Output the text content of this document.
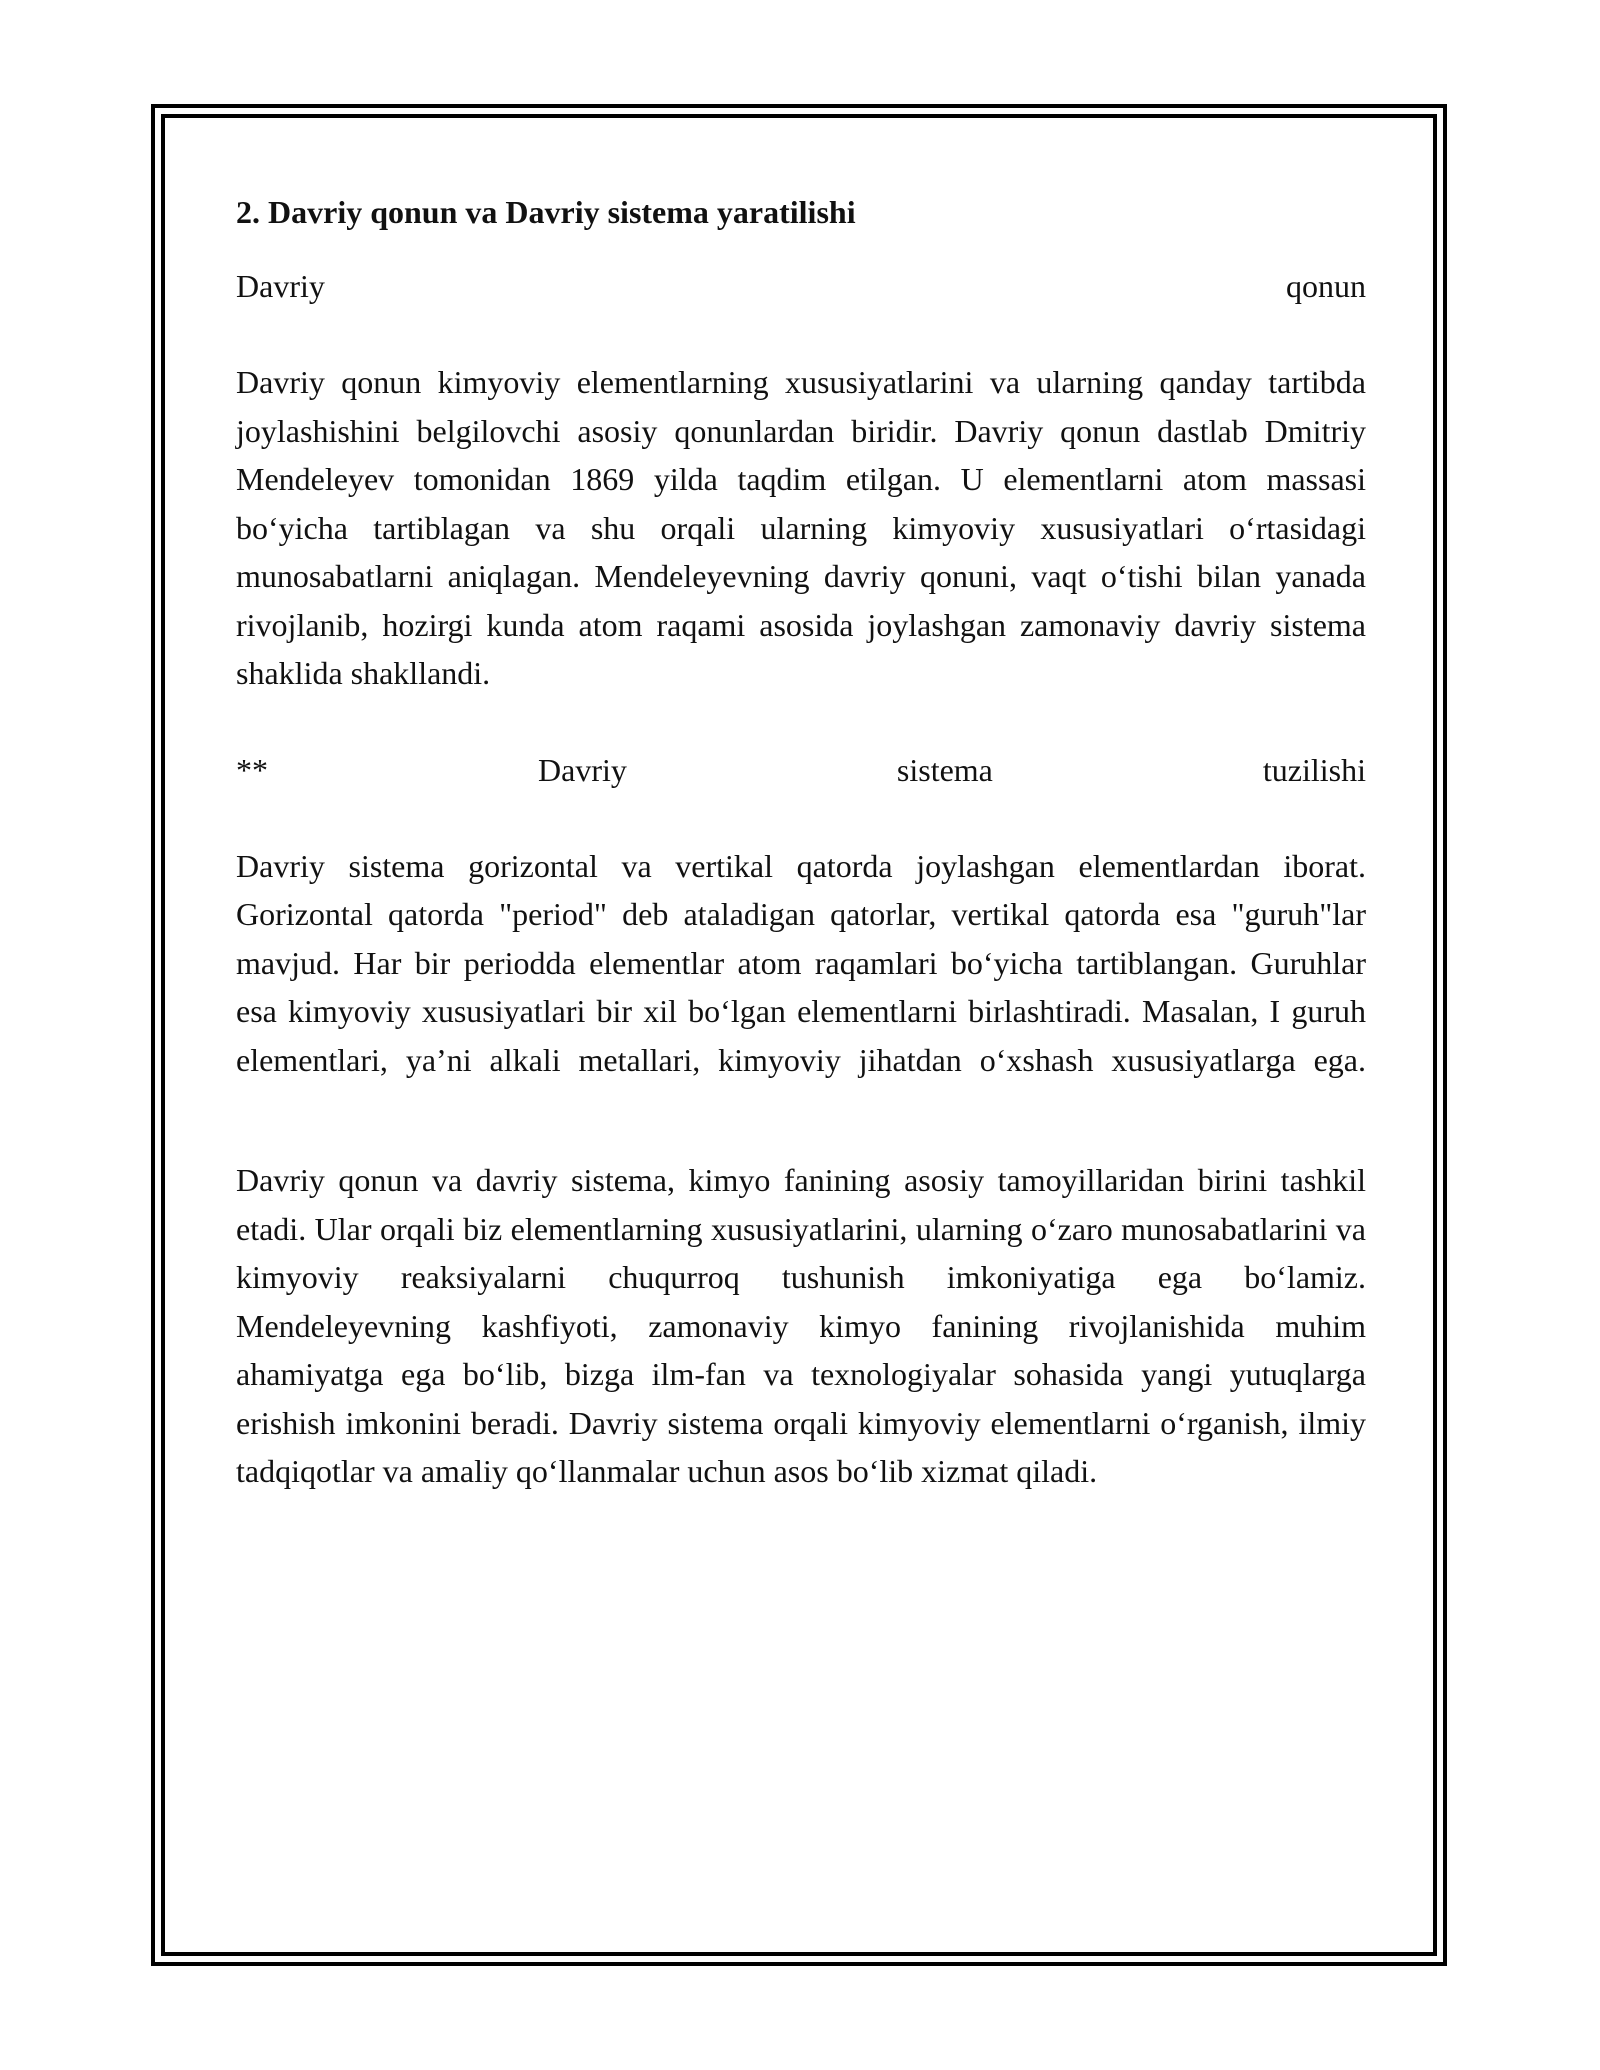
2. Davriy qonun va Davriy sistema yaratilishi
Davriy	qonun

Davriy qonun kimyoviy elementlarning xususiyatlarini va ularning qanday tartibda joylashishini belgilovchi asosiy qonunlardan biridir. Davriy qonun dastlab Dmitriy Mendeleyev tomonidan 1869 yilda taqdim etilgan. U elementlarni atom massasi bo‘yicha tartiblagan va shu orqali ularning kimyoviy xususiyatlari o‘rtasidagi munosabatlarni aniqlagan. Mendeleyevning davriy qonuni, vaqt o‘tishi bilan yanada rivojlanib, hozirgi kunda atom raqami asosida joylashgan zamonaviy davriy sistema shaklida shakllandi.

**	Davriy	sistema	tuzilishi

Davriy sistema gorizontal va vertikal qatorda joylashgan elementlardan iborat. Gorizontal qatorda "period" deb ataladigan qatorlar, vertikal qatorda esa "guruh"lar mavjud. Har bir periodda elementlar atom raqamlari bo‘yicha tartiblangan. Guruhlar esa kimyoviy xususiyatlari bir xil bo‘lgan elementlarni birlashtiradi. Masalan, I guruh elementlari, ya’ni alkali metallari, kimyoviy jihatdan o‘xshash xususiyatlarga ega.

Davriy qonun va davriy sistema, kimyo fanining asosiy tamoyillaridan birini tashkil etadi. Ular orqali biz elementlarning xususiyatlarini, ularning o‘zaro munosabatlarini va kimyoviy reaksiyalarni chuqurroq tushunish imkoniyatiga ega bo‘lamiz. Mendeleyevning kashfiyoti, zamonaviy kimyo fanining rivojlanishida muhim ahamiyatga ega bo‘lib, bizga ilm-fan va texnologiyalar sohasida yangi yutuqlarga erishish imkonini beradi. Davriy sistema orqali kimyoviy elementlarni o‘rganish, ilmiy tadqiqotlar va amaliy qo‘llanmalar uchun asos bo‘lib xizmat qiladi.
